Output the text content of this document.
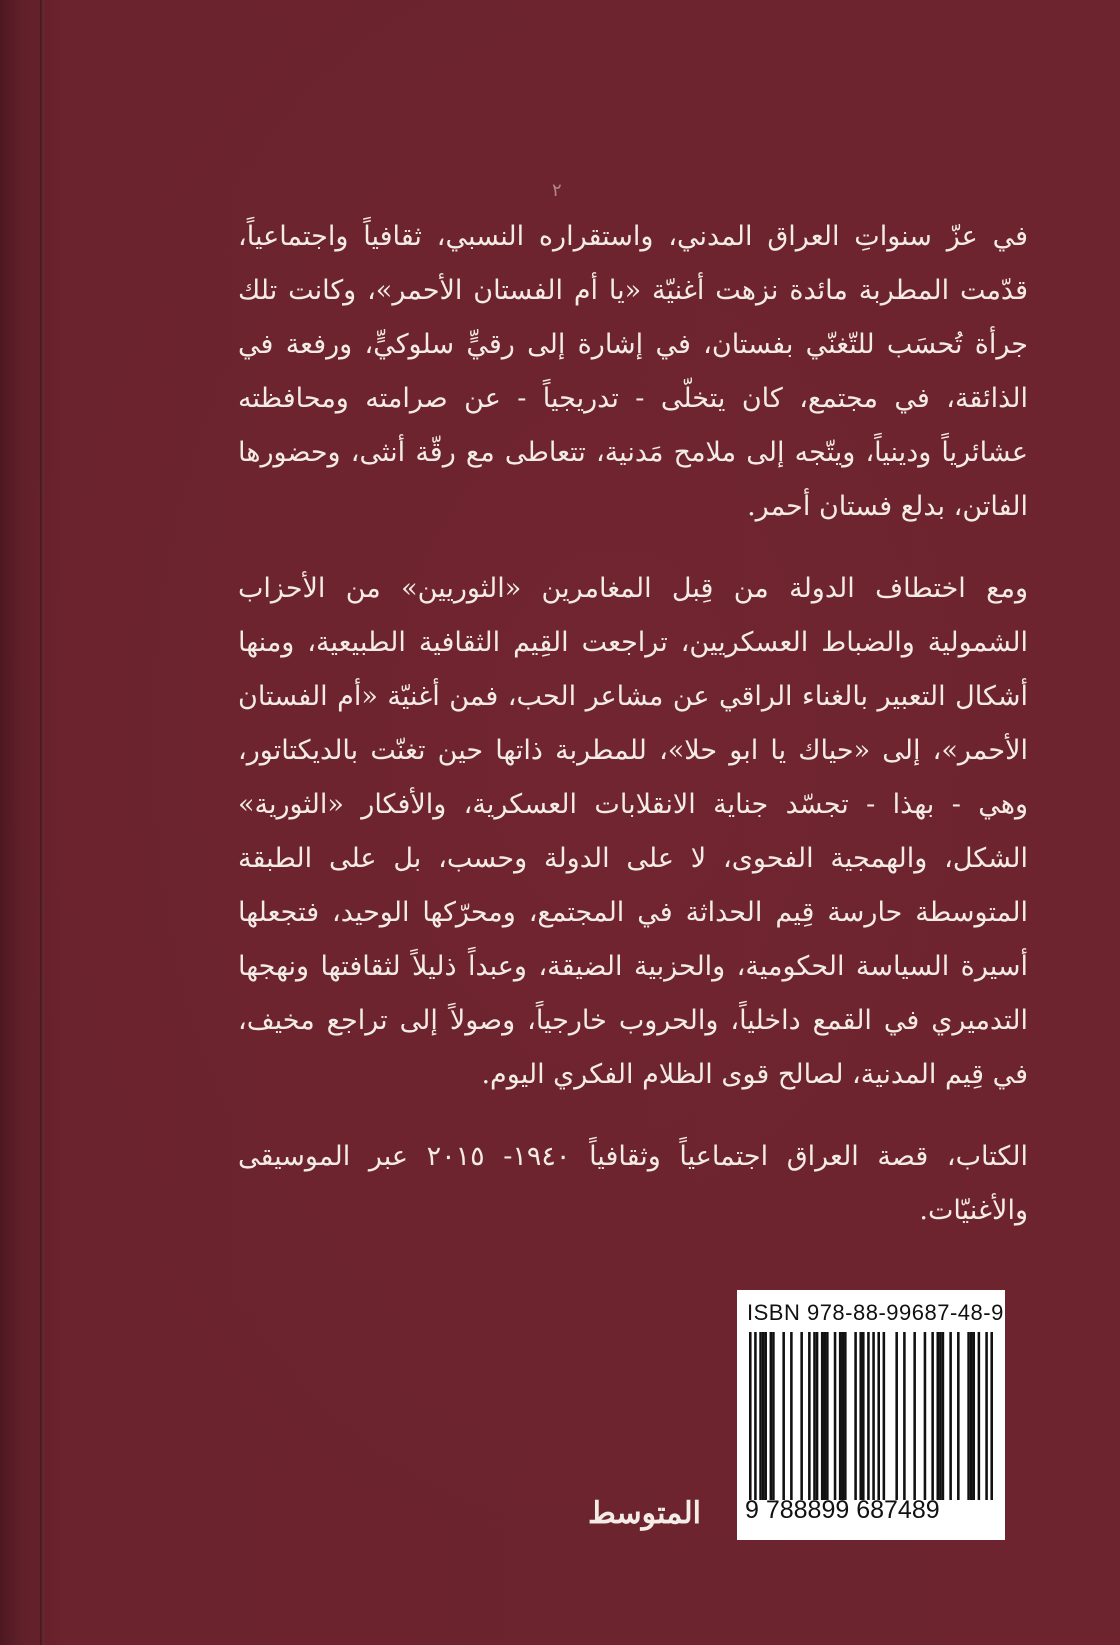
٢

في عزّ سنواتِ العراق المدني، واستقراره النسبي، ثقافياً واجتماعياً، قدّمت المطربة مائدة نزهت أغنيّة «يا أم الفستان الأحمر»، وكانت تلك جرأة تُحسَب للتّغنّي بفستان، في إشارة إلى رقيٍّ سلوكيٍّ، ورفعة في الذائقة، في مجتمع، كان يتخلّى - تدريجياً - عن صرامته ومحافظته عشائرياً ودينياً، ويتّجه إلى ملامح مَدنية، تتعاطى مع رقّة أنثى، وحضورها الفاتن، بدلع فستان أحمر.

ومع اختطاف الدولة من قِبل المغامرين «الثوريين» من الأحزاب الشمولية والضباط العسكريين، تراجعت القِيم الثقافية الطبيعية، ومنها أشكال التعبير بالغناء الراقي عن مشاعر الحب، فمن أغنيّة «أم الفستان الأحمر»، إلى «حياك يا ابو حلا»، للمطربة ذاتها حين تغنّت بالديكتاتور، وهي - بهذا - تجسّد جناية الانقلابات العسكرية، والأفكار «الثورية» الشكل، والهمجية الفحوى، لا على الدولة وحسب، بل على الطبقة المتوسطة حارسة قِيم الحداثة في المجتمع، ومحرّكها الوحيد، فتجعلها أسيرة السياسة الحكومية، والحزبية الضيقة، وعبداً ذليلاً لثقافتها ونهجها التدميري في القمع داخلياً، والحروب خارجياً، وصولاً إلى تراجع مخيف، في قِيم المدنية، لصالح قوى الظلام الفكري اليوم.

الكتاب، قصة العراق اجتماعياً وثقافياً ١٩٤٠- ٢٠١٥ عبر الموسيقى والأغنيّات.

ISBN 978-88-99687-48-9
9 788899 687489
المتوسط
